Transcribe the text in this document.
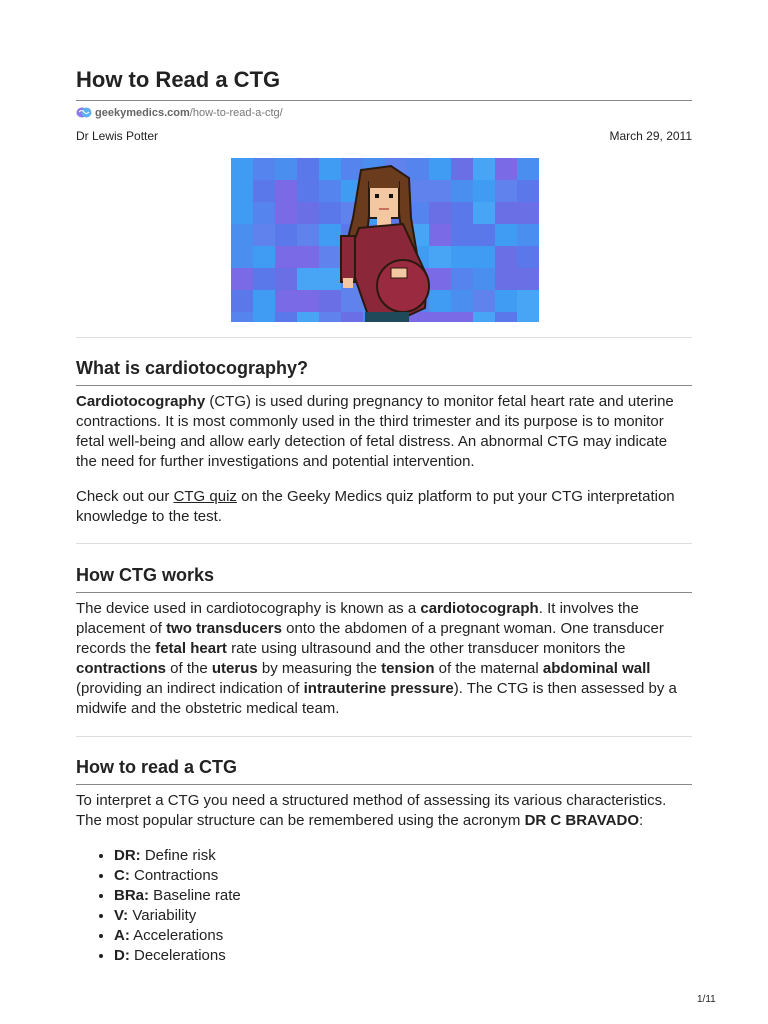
How to Read a CTG
geekymedics.com /how-to-read-a-ctg/
Dr Lewis Potter	March 29, 2011
What is cardiotocography?

Cardiotocography (CTG) is used during pregnancy to monitor fetal heart rate and uterine contractions. It is most commonly used in the third trimester and its purpose is to monitor fetal well-being and allow early detection of fetal distress. An abnormal CTG may indicate the need for further investigations and potential intervention.

Check out our CTG quiz on the Geeky Medics quiz platform to put your CTG interpretation knowledge to the test.

How CTG works

The device used in cardiotocography is known as a cardiotocograph. It involves the placement of two transducers onto the abdomen of a pregnant woman. One transducer records the fetal heart rate using ultrasound and the other transducer monitors the contractions of the uterus by measuring the tension of the maternal abdominal wall (providing an indirect indication of intrauterine pressure). The CTG is then assessed by a midwife and the obstetric medical team.

How to read a CTG

To interpret a CTG you need a structured method of assessing its various characteristics. The most popular structure can be remembered using the acronym DR C BRAVADO:

• DR: Define risk
• C: Contractions
• BRa: Baseline rate
• V: Variability
• A: Accelerations
• D: Decelerations
1/11
